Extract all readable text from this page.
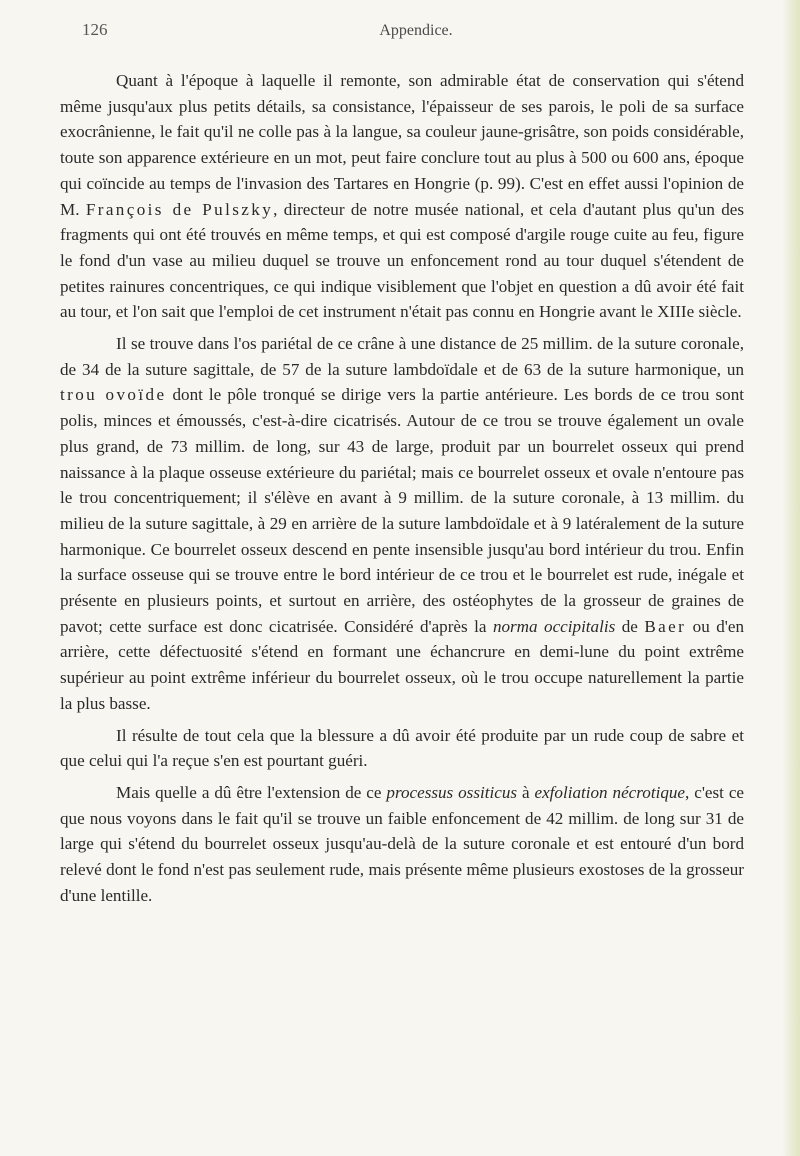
126	Appendice.

Quant à l'époque à laquelle il remonte, son admirable état de conservation qui s'étend même jusqu'aux plus petits détails, sa consistance, l'épaisseur de ses parois, le poli de sa surface exocrânienne, le fait qu'il ne colle pas à la langue, sa couleur jaune-grisâtre, son poids considérable, toute son apparence extérieure en un mot, peut faire conclure tout au plus à 500 ou 600 ans, époque qui coïncide au temps de l'invasion des Tartares en Hongrie (p. 99). C'est en effet aussi l'opinion de M. François de Pulszky, directeur de notre musée national, et cela d'autant plus qu'un des fragments qui ont été trouvés en même temps, et qui est composé d'argile rouge cuite au feu, figure le fond d'un vase au milieu duquel se trouve un enfoncement rond au tour duquel s'étendent de petites rainures concentriques, ce qui indique visiblement que l'objet en question a dû avoir été fait au tour, et l'on sait que l'emploi de cet instrument n'était pas connu en Hongrie avant le XIIIe siècle.

Il se trouve dans l'os pariétal de ce crâne à une distance de 25 millim. de la suture coronale, de 34 de la suture sagittale, de 57 de la suture lambdoïdale et de 63 de la suture harmonique, un trou ovoïde dont le pôle tronqué se dirige vers la partie antérieure. Les bords de ce trou sont polis, minces et émoussés, c'est-à-dire cicatrisés. Autour de ce trou se trouve également un ovale plus grand, de 73 millim. de long, sur 43 de large, produit par un bourrelet osseux qui prend naissance à la plaque osseuse extérieure du pariétal; mais ce bourrelet osseux et ovale n'entoure pas le trou concentriquement; il s'élève en avant à 9 millim. de la suture coronale, à 13 millim. du milieu de la suture sagittale, à 29 en arrière de la suture lambdoïdale et à 9 latéralement de la suture harmonique. Ce bourrelet osseux descend en pente insensible jusqu'au bord intérieur du trou. Enfin la surface osseuse qui se trouve entre le bord intérieur de ce trou et le bourrelet est rude, inégale et présente en plusieurs points, et surtout en arrière, des ostéophytes de la grosseur de graines de pavot; cette surface est donc cicatrisée. Considéré d'après la norma occipitalis de Baer ou d'en arrière, cette défectuosité s'étend en formant une échancrure en demi-lune du point extrême supérieur au point extrême inférieur du bourrelet osseux, où le trou occupe naturellement la partie la plus basse.

Il résulte de tout cela que la blessure a dû avoir été produite par un rude coup de sabre et que celui qui l'a reçue s'en est pourtant guéri.

Mais quelle a dû être l'extension de ce processus ossiticus à exfoliation nécrotique, c'est ce que nous voyons dans le fait qu'il se trouve un faible enfoncement de 42 millim. de long sur 31 de large qui s'étend du bourrelet osseux jusqu'au-delà de la suture coronale et est entouré d'un bord relevé dont le fond n'est pas seulement rude, mais présente même plusieurs exostoses de la grosseur d'une lentille.
